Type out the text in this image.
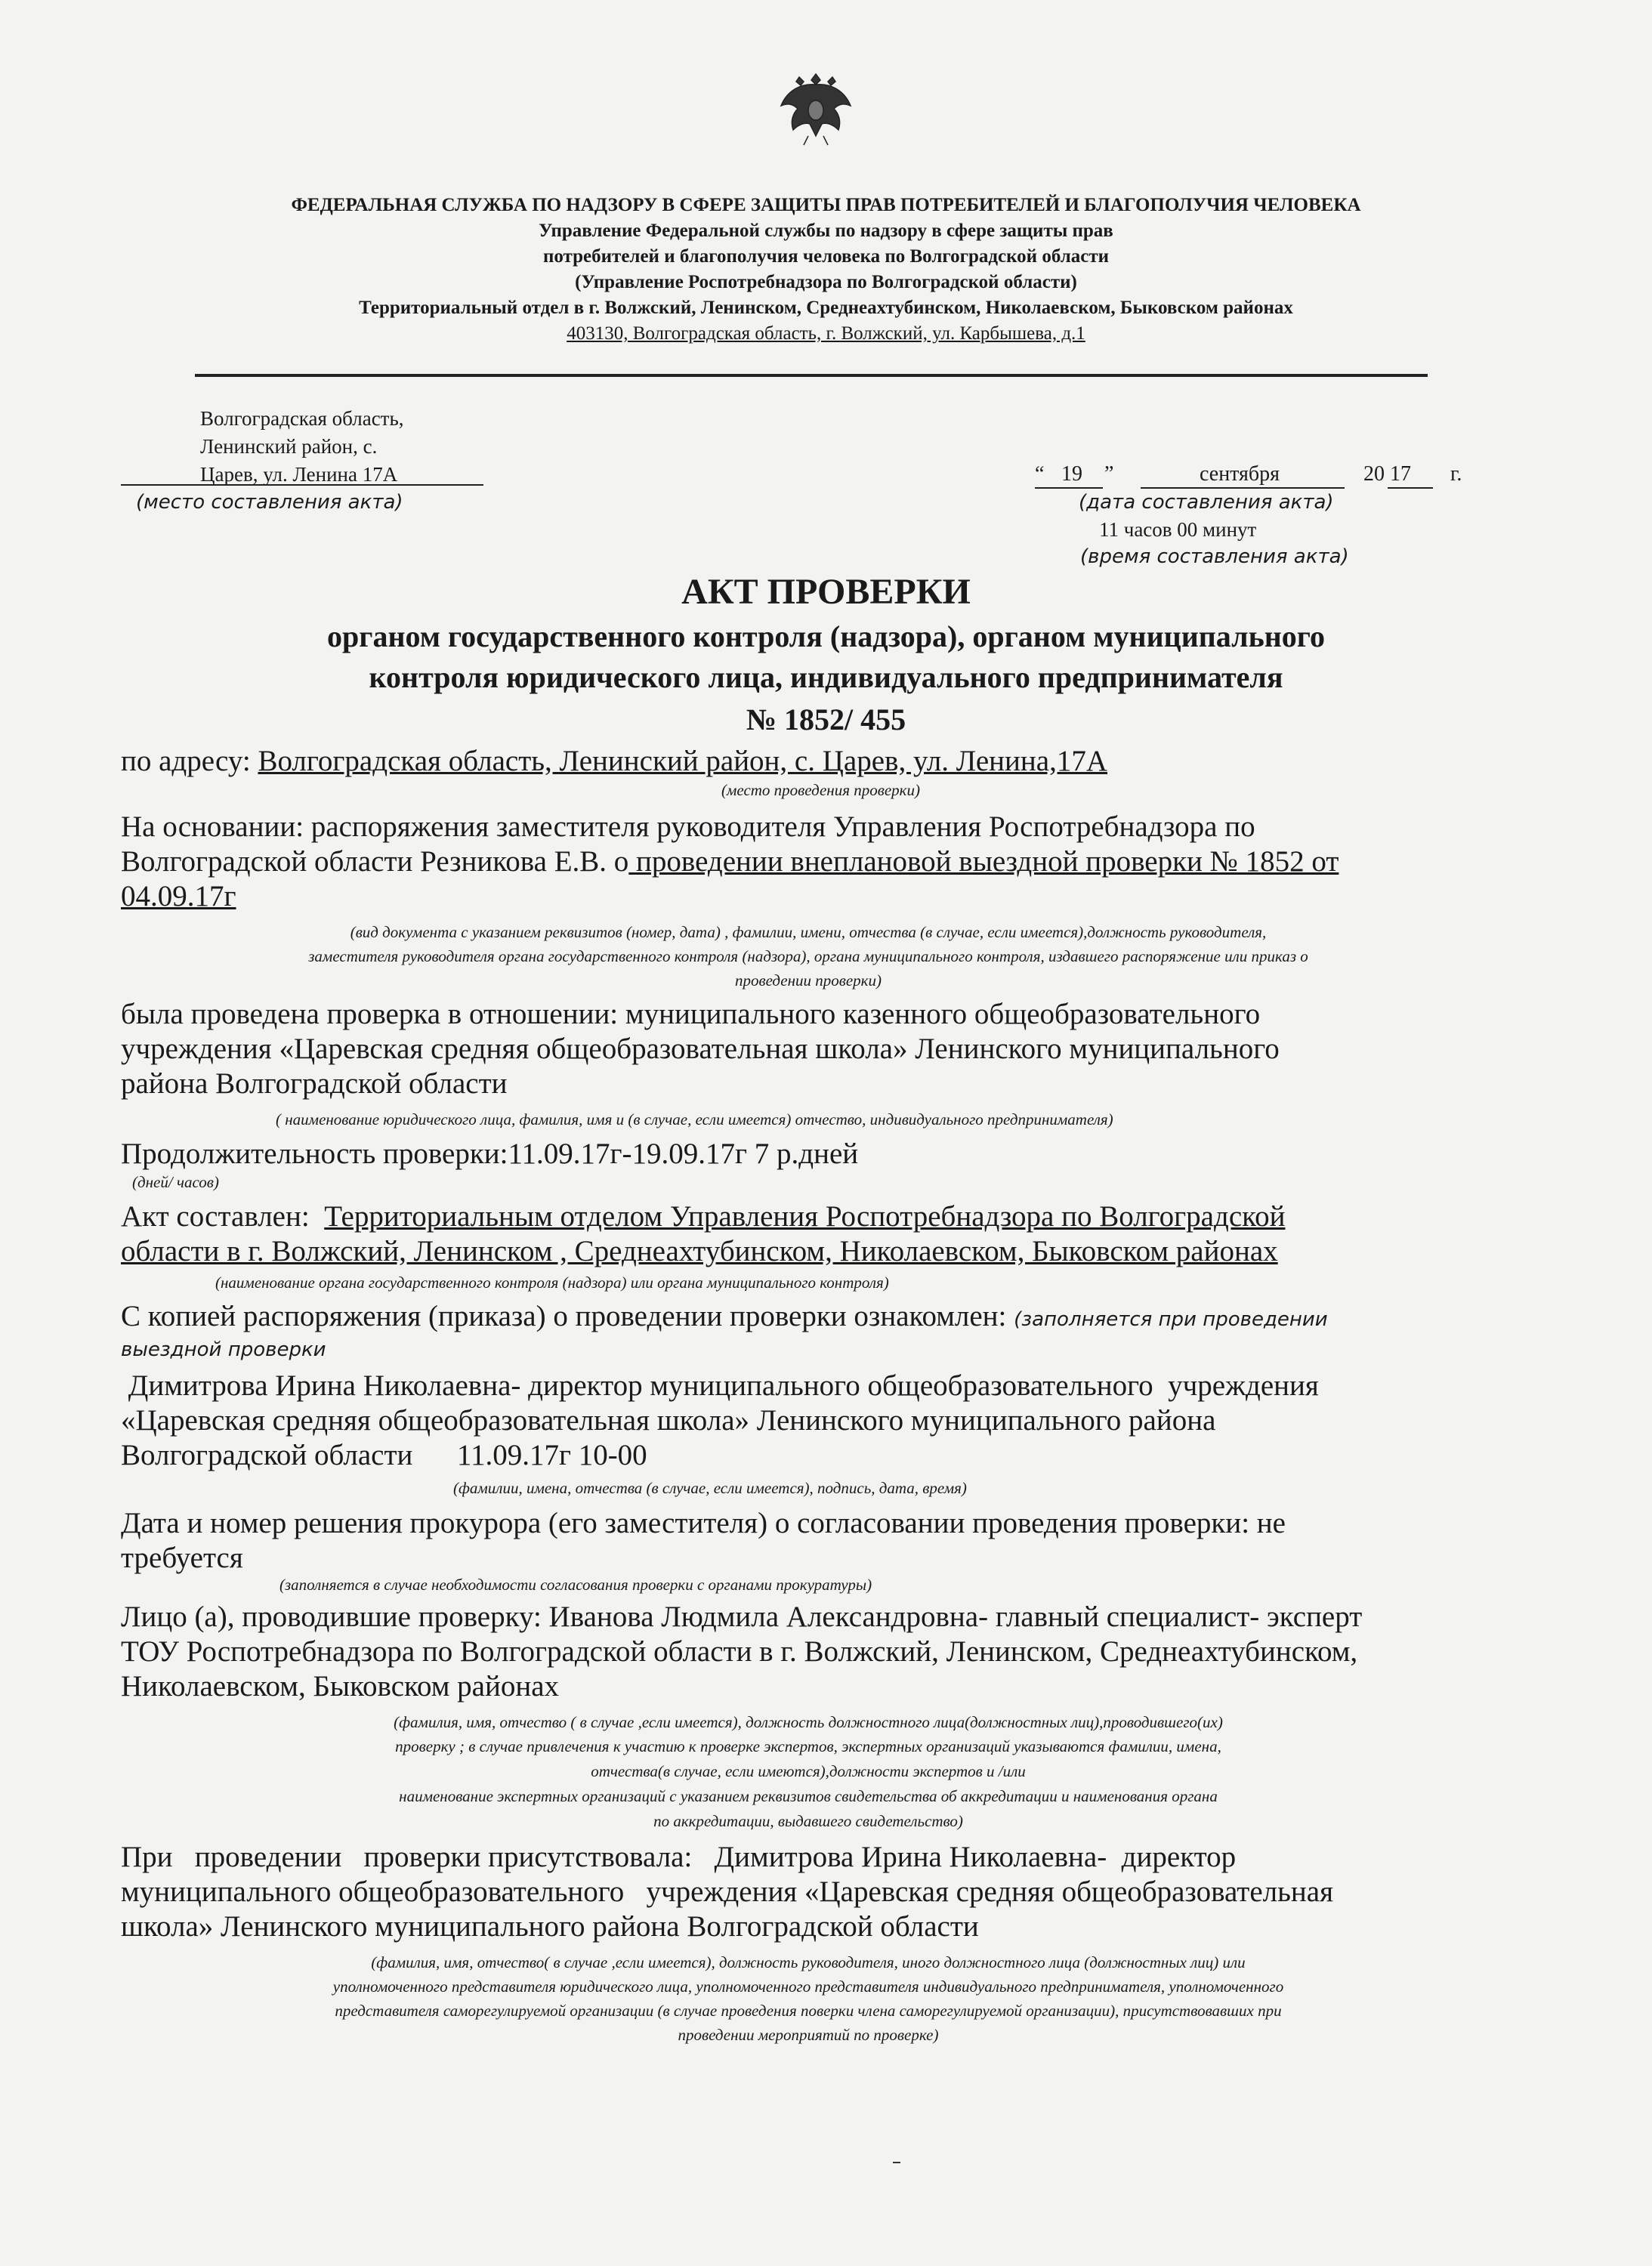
ФЕДЕРАЛЬНАЯ СЛУЖБА ПО НАДЗОРУ В СФЕРЕ ЗАЩИТЫ ПРАВ ПОТРЕБИТЕЛЕЙ И БЛАГОПОЛУЧИЯ ЧЕЛОВЕКА
Управление Федеральной службы по надзору в сфере защиты прав
потребителей и благополучия человека по Волгоградской области
(Управление Роспотребнадзора по Волгоградской области)
Территориальный отдел в г. Волжский, Ленинском, Среднеахтубинском, Николаевском, Быковском районах
403130, Волгоградская область, г. Волжский, ул. Карбышева, д.1
Волгоградская область,
Ленинский район, с.
Царев, ул. Ленина 17А
(место составления акта)
“ 19 ”	сентября	20 17 г.
(дата составления акта)
11 часов 00 минут
(время составления акта)
АКТ ПРОВЕРКИ
органом государственного контроля (надзора), органом муниципального
контроля юридического лица, индивидуального предпринимателя
№ 1852/ 455
по адресу: Волгоградская область, Ленинский район, с. Царев, ул. Ленина,17А
(место проведения проверки)
На основании: распоряжения заместителя руководителя Управления Роспотребнадзора по
Волгоградской области Резникова Е.В. о проведении внеплановой выездной проверки № 1852 от
04.09.17г
(вид документа с указанием реквизитов (номер, дата) , фамилии, имени, отчества (в случае, если имеется),должность руководителя,
заместителя руководителя органа государственного контроля (надзора), органа муниципального контроля, издавшего распоряжение или приказ о
проведении проверки)
была проведена проверка в отношении: муниципального казенного общеобразовательного
учреждения «Царевская средняя общеобразовательная школа» Ленинского муниципального
района Волгоградской области
( наименование юридического лица, фамилия, имя и (в случае, если имеется) отчество, индивидуального предпринимателя)
Продолжительность проверки:11.09.17г-19.09.17г 7 р.дней
(дней/ часов)
Акт составлен: Территориальным отделом Управления Роспотребнадзора по Волгоградской
области в г. Волжский, Ленинском , Среднеахтубинском, Николаевском, Быковском районах
(наименование органа государственного контроля (надзора) или органа муниципального контроля)
С копией распоряжения (приказа) о проведении проверки ознакомлен: (заполняется при проведении
выездной проверки
Димитрова Ирина Николаевна- директор муниципального общеобразовательного  учреждения
«Царевская средняя общеобразовательная школа» Ленинского муниципального района
Волгоградской области      11.09.17г 10-00
(фамилии, имена, отчества (в случае, если имеется), подпись, дата, время)
Дата и номер решения прокурора (его заместителя) о согласовании проведения проверки: не
требуется
(заполняется в случае необходимости согласования проверки с органами прокуратуры)
Лицо (а), проводившие проверку: Иванова Людмила Александровна- главный специалист- эксперт
ТОУ Роспотребнадзора по Волгоградской области в г. Волжский, Ленинском, Среднеахтубинском,
Николаевском, Быковском районах
(фамилия, имя, отчество ( в случае ,если имеется), должность должностного лица(должностных лиц),проводившего(их)
проверку ; в случае привлечения к участию к проверке экспертов, экспертных организаций указываются фамилии, имена,
отчества(в случае, если имеются),должности экспертов и /или
наименование экспертных организаций с указанием реквизитов свидетельства об аккредитации и наименования органа
по аккредитации, выдавшего свидетельство)
При   проведении   проверки присутствовала:   Димитрова Ирина Николаевна-  директор
муниципального общеобразовательного   учреждения «Царевская средняя общеобразовательная
школа» Ленинского муниципального района Волгоградской области
(фамилия, имя, отчество( в случае ,если имеется), должность руководителя, иного должностного лица (должностных лиц) или
уполномоченного представителя юридического лица, уполномоченного представителя индивидуального предпринимателя, уполномоченного
представителя саморегулируемой организации (в случае проведения поверки члена саморегулируемой организации), присутствовавших при
проведении мероприятий по проверке)
